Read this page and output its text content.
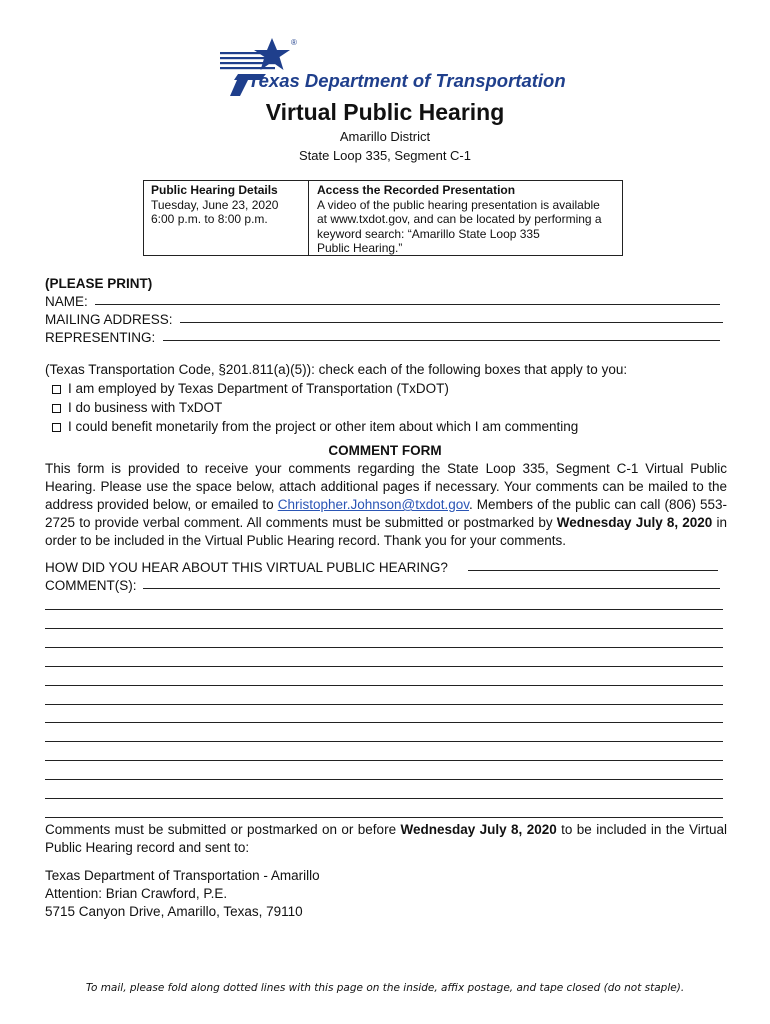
®
Texas Department of Transportation
Virtual Public Hearing
Amarillo District
State Loop 335, Segment C-1
Public Hearing Details
Tuesday, June 23, 2020
6:00 p.m. to 8:00 p.m.
Access the Recorded Presentation
A video of the public hearing presentation is available
at www.txdot.gov, and can be located by performing a
keyword search: “Amarillo State Loop 335
Public Hearing.”
(PLEASE PRINT)
NAME:
MAILING ADDRESS:
REPRESENTING:
(Texas Transportation Code, §201.811(a)(5)): check each of the following boxes that apply to you:
I am employed by Texas Department of Transportation (TxDOT)
I do business with TxDOT
I could benefit monetarily from the project or other item about which I am commenting
COMMENT FORM
This form is provided to receive your comments regarding the State Loop 335, Segment C-1 Virtual Public Hearing. Please use the space below, attach additional pages if necessary. Your comments can be mailed to the address provided below, or emailed to Christopher.Johnson@txdot.gov. Members of the public can call (806) 553-2725 to provide verbal comment. All comments must be submitted or postmarked by Wednesday July 8, 2020 in order to be included in the Virtual Public Hearing record. Thank you for your comments.
HOW DID YOU HEAR ABOUT THIS VIRTUAL PUBLIC HEARING?
COMMENT(S):
Comments must be submitted or postmarked on or before Wednesday July 8, 2020 to be included in the Virtual Public Hearing record and sent to:
Texas Department of Transportation - Amarillo
Attention: Brian Crawford, P.E.
5715 Canyon Drive, Amarillo, Texas, 79110
To mail, please fold along dotted lines with this page on the inside, affix postage, and tape closed (do not staple).
